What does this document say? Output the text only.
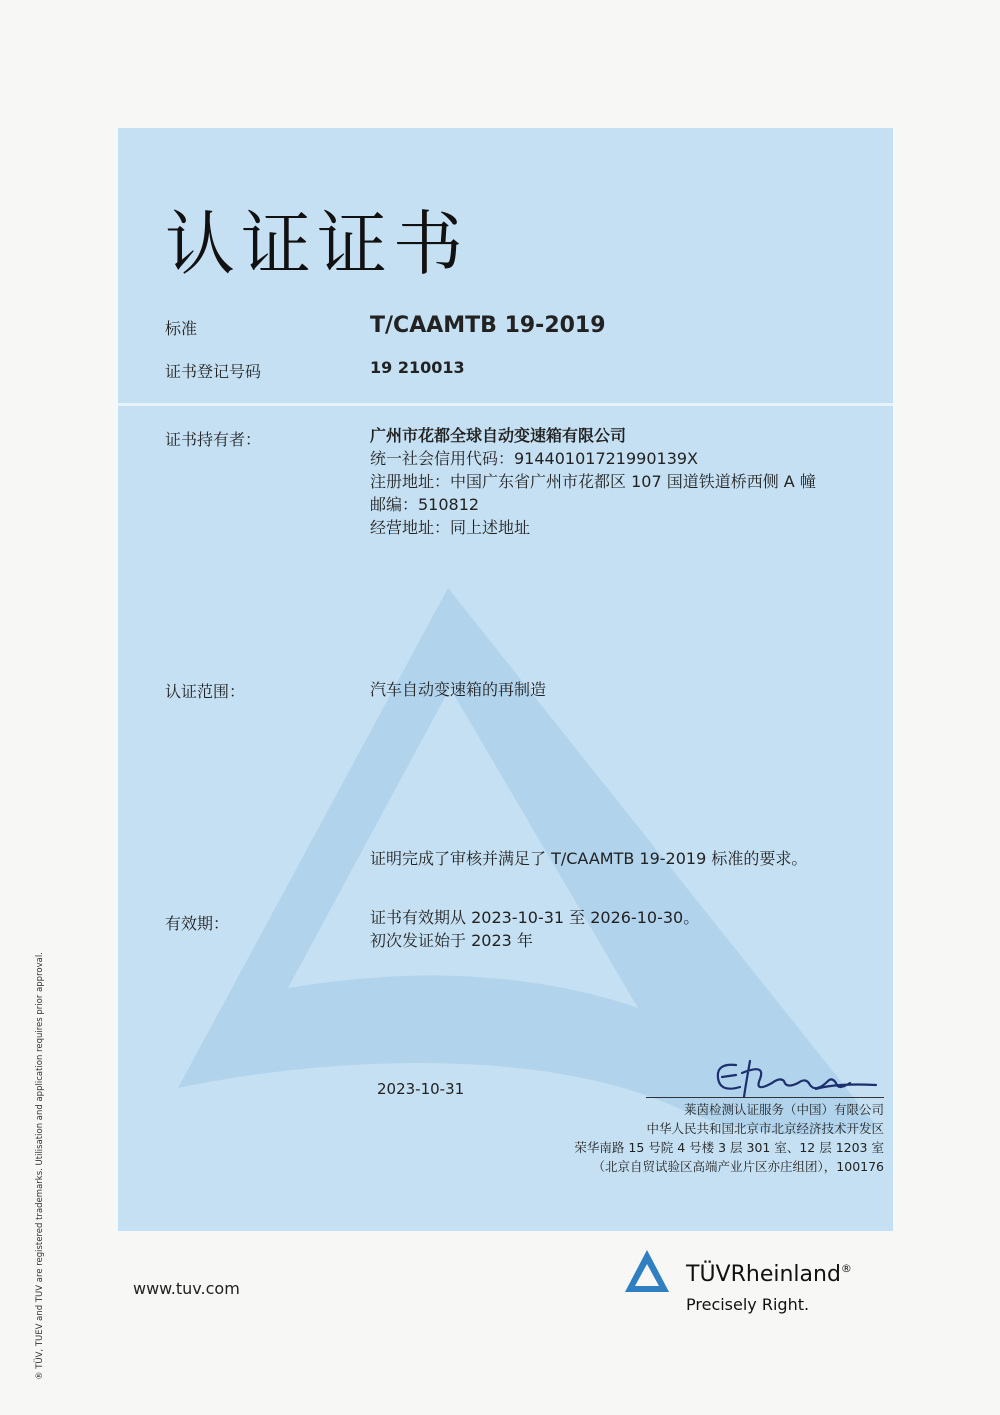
认证证书
标准	T/CAAMTB 19-2019
证书登记号码	19 210013
证书持有者：	广州市花都全球自动变速箱有限公司
统一社会信用代码：91440101721990139X
注册地址：中国广东省广州市花都区 107 国道铁道桥西侧 A 幢
邮编：510812
经营地址：同上述地址
认证范围：	汽车自动变速箱的再制造
证明完成了审核并满足了 T/CAAMTB 19-2019 标准的要求。
有效期：	证书有效期从 2023-10-31 至 2026-10-30。
初次发证始于 2023 年
2023-10-31
莱茵检测认证服务（中国）有限公司
中华人民共和国北京市北京经济技术开发区
荣华南路 15 号院 4 号楼 3 层 301 室、12 层 1203 室
（北京自贸试验区高端产业片区亦庄组团），100176
www.tuv.com
TÜVRheinland®
Precisely Right.
® TÜV, TUEV and TUV are registered trademarks. Utilisation and application requires prior approval.
